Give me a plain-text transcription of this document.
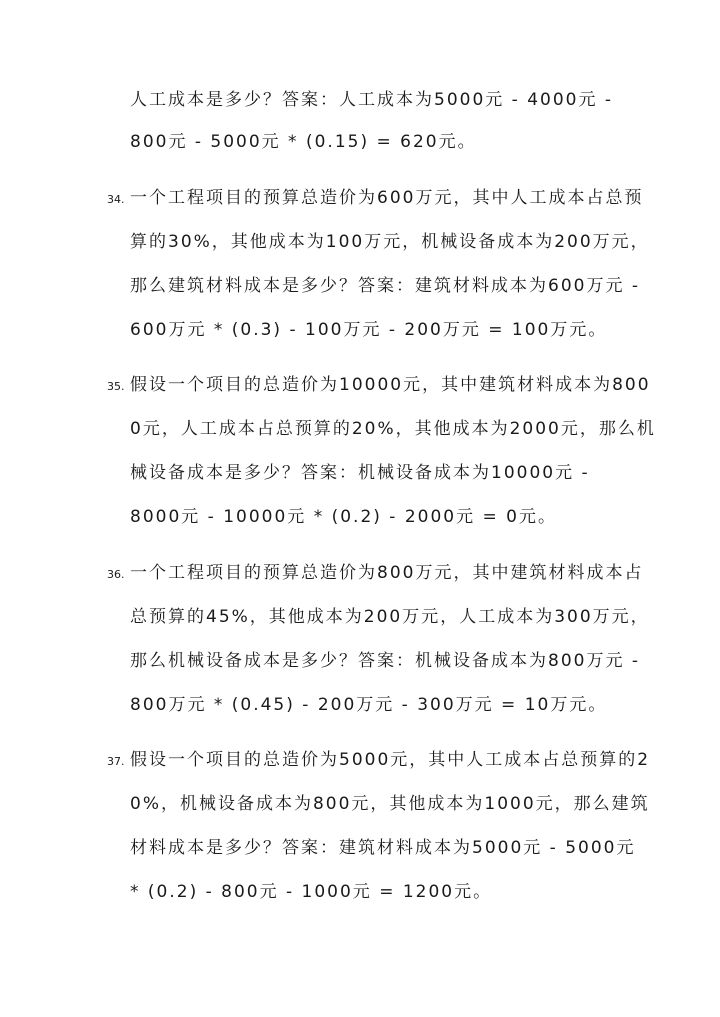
人工成本是多少？答案：人工成本为5000元 - 4000元 -
800元 - 5000元 * (0.15) = 620元。
34. 一个工程项目的预算总造价为600万元，其中人工成本占总预
算的30%，其他成本为100万元，机械设备成本为200万元，
那么建筑材料成本是多少？答案：建筑材料成本为600万元 -
600万元 * (0.3) - 100万元 - 200万元 = 100万元。
35. 假设一个项目的总造价为10000元，其中建筑材料成本为800
0元，人工成本占总预算的20%，其他成本为2000元，那么机
械设备成本是多少？答案：机械设备成本为10000元 -
8000元 - 10000元 * (0.2) - 2000元 = 0元。
36. 一个工程项目的预算总造价为800万元，其中建筑材料成本占
总预算的45%，其他成本为200万元，人工成本为300万元，
那么机械设备成本是多少？答案：机械设备成本为800万元 -
800万元 * (0.45) - 200万元 - 300万元 = 10万元。
37. 假设一个项目的总造价为5000元，其中人工成本占总预算的2
0%，机械设备成本为800元，其他成本为1000元，那么建筑
材料成本是多少？答案：建筑材料成本为5000元 - 5000元
* (0.2) - 800元 - 1000元 = 1200元。
